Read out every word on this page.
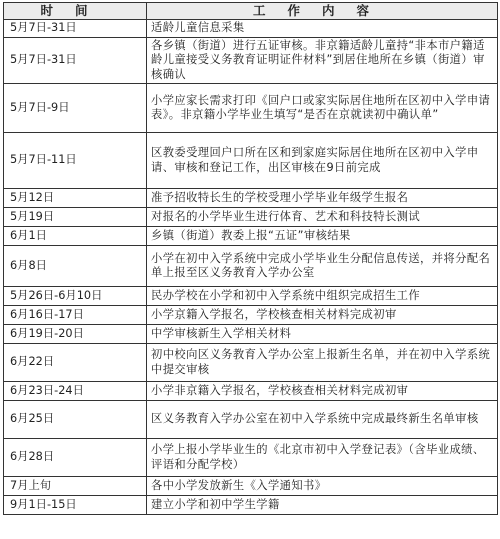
时间	工作内容
5月7日-31日	适龄儿童信息采集
5月7日-31日	各乡镇（街道）进行五证审核。非京籍适龄儿童持“非本市户籍适龄儿童接受义务教育证明证件材料”到居住地所在乡镇（街道）审核确认
5月7日-9日	小学应家长需求打印《回户口或家实际居住地所在区初中入学申请表》。非京籍小学毕业生填写“是否在京就读初中确认单”
5月7日-11日	区教委受理回户口所在区和到家庭实际居住地所在区初中入学申请、审核和登记工作，出区审核在9日前完成
5月12日	准予招收特长生的学校受理小学毕业年级学生报名
5月19日	对报名的小学毕业生进行体育、艺术和科技特长测试
6月1日	乡镇（街道）教委上报“五证”审核结果
6月8日	小学在初中入学系统中完成小学毕业生分配信息传送，并将分配名单上报至区义务教育入学办公室
5月26日-6月10日	民办学校在小学和初中入学系统中组织完成招生工作
6月16日-17日	小学京籍入学报名，学校核查相关材料完成初审
6月19日-20日	中学审核新生入学相关材料
6月22日	初中校向区义务教育入学办公室上报新生名单，并在初中入学系统中提交审核
6月23日-24日	小学非京籍入学报名，学校核查相关材料完成初审
6月25日	区义务教育入学办公室在初中入学系统中完成最终新生名单审核
6月28日	小学上报小学毕业生的《北京市初中入学登记表》（含毕业成绩、评语和分配学校）
7月上旬	各中小学发放新生《入学通知书》
9月1日-15日	建立小学和初中学生学籍
